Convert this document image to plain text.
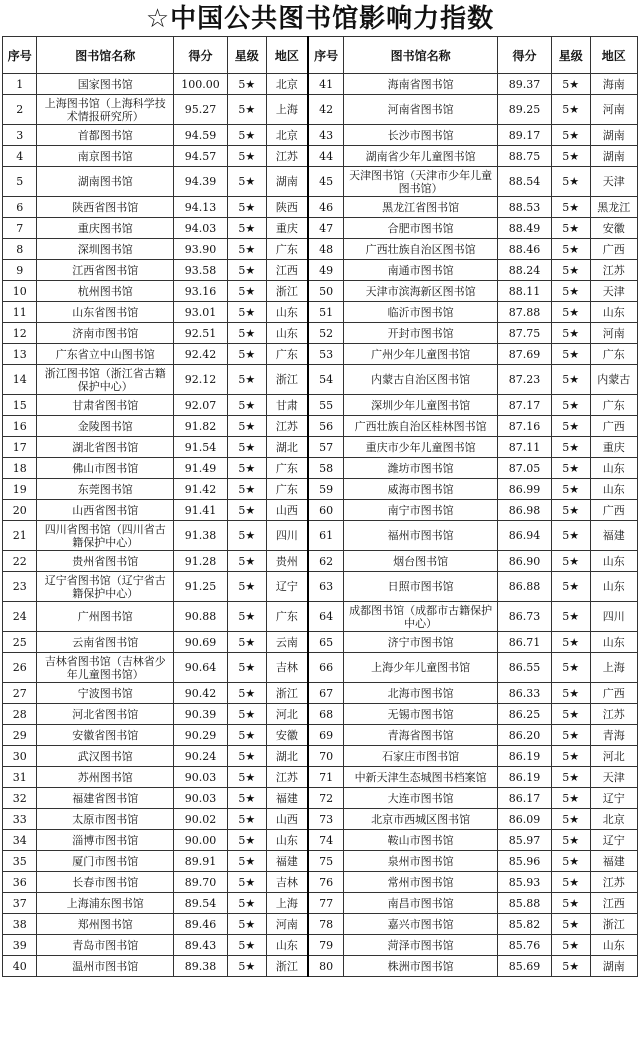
☆中国公共图书馆影响力指数
序号	图书馆名称	得分	星级	地区	序号	图书馆名称	得分	星级	地区
1	国家图书馆	100.00	5★	北京	41	海南省图书馆	89.37	5★	海南
2	上海图书馆（上海科学技术情报研究所）	95.27	5★	上海	42	河南省图书馆	89.25	5★	河南
3	首都图书馆	94.59	5★	北京	43	长沙市图书馆	89.17	5★	湖南
4	南京图书馆	94.57	5★	江苏	44	湖南省少年儿童图书馆	88.75	5★	湖南
5	湖南图书馆	94.39	5★	湖南	45	天津图书馆（天津市少年儿童图书馆）	88.54	5★	天津
6	陕西省图书馆	94.13	5★	陕西	46	黑龙江省图书馆	88.53	5★	黑龙江
7	重庆图书馆	94.03	5★	重庆	47	合肥市图书馆	88.49	5★	安徽
8	深圳图书馆	93.90	5★	广东	48	广西壮族自治区图书馆	88.46	5★	广西
9	江西省图书馆	93.58	5★	江西	49	南通市图书馆	88.24	5★	江苏
10	杭州图书馆	93.16	5★	浙江	50	天津市滨海新区图书馆	88.11	5★	天津
11	山东省图书馆	93.01	5★	山东	51	临沂市图书馆	87.88	5★	山东
12	济南市图书馆	92.51	5★	山东	52	开封市图书馆	87.75	5★	河南
13	广东省立中山图书馆	92.42	5★	广东	53	广州少年儿童图书馆	87.69	5★	广东
14	浙江图书馆（浙江省古籍保护中心）	92.12	5★	浙江	54	内蒙古自治区图书馆	87.23	5★	内蒙古
15	甘肃省图书馆	92.07	5★	甘肃	55	深圳少年儿童图书馆	87.17	5★	广东
16	金陵图书馆	91.82	5★	江苏	56	广西壮族自治区桂林图书馆	87.16	5★	广西
17	湖北省图书馆	91.54	5★	湖北	57	重庆市少年儿童图书馆	87.11	5★	重庆
18	佛山市图书馆	91.49	5★	广东	58	潍坊市图书馆	87.05	5★	山东
19	东莞图书馆	91.42	5★	广东	59	威海市图书馆	86.99	5★	山东
20	山西省图书馆	91.41	5★	山西	60	南宁市图书馆	86.98	5★	广西
21	四川省图书馆（四川省古籍保护中心）	91.38	5★	四川	61	福州市图书馆	86.94	5★	福建
22	贵州省图书馆	91.28	5★	贵州	62	烟台图书馆	86.90	5★	山东
23	辽宁省图书馆（辽宁省古籍保护中心）	91.25	5★	辽宁	63	日照市图书馆	86.88	5★	山东
24	广州图书馆	90.88	5★	广东	64	成都图书馆（成都市古籍保护中心）	86.73	5★	四川
25	云南省图书馆	90.69	5★	云南	65	济宁市图书馆	86.71	5★	山东
26	吉林省图书馆（吉林省少年儿童图书馆）	90.64	5★	吉林	66	上海少年儿童图书馆	86.55	5★	上海
27	宁波图书馆	90.42	5★	浙江	67	北海市图书馆	86.33	5★	广西
28	河北省图书馆	90.39	5★	河北	68	无锡市图书馆	86.25	5★	江苏
29	安徽省图书馆	90.29	5★	安徽	69	青海省图书馆	86.20	5★	青海
30	武汉图书馆	90.24	5★	湖北	70	石家庄市图书馆	86.19	5★	河北
31	苏州图书馆	90.03	5★	江苏	71	中新天津生态城图书档案馆	86.19	5★	天津
32	福建省图书馆	90.03	5★	福建	72	大连市图书馆	86.17	5★	辽宁
33	太原市图书馆	90.02	5★	山西	73	北京市西城区图书馆	86.09	5★	北京
34	淄博市图书馆	90.00	5★	山东	74	鞍山市图书馆	85.97	5★	辽宁
35	厦门市图书馆	89.91	5★	福建	75	泉州市图书馆	85.96	5★	福建
36	长春市图书馆	89.70	5★	吉林	76	常州市图书馆	85.93	5★	江苏
37	上海浦东图书馆	89.54	5★	上海	77	南昌市图书馆	85.88	5★	江西
38	郑州图书馆	89.46	5★	河南	78	嘉兴市图书馆	85.82	5★	浙江
39	青岛市图书馆	89.43	5★	山东	79	菏泽市图书馆	85.76	5★	山东
40	温州市图书馆	89.38	5★	浙江	80	株洲市图书馆	85.69	5★	湖南
